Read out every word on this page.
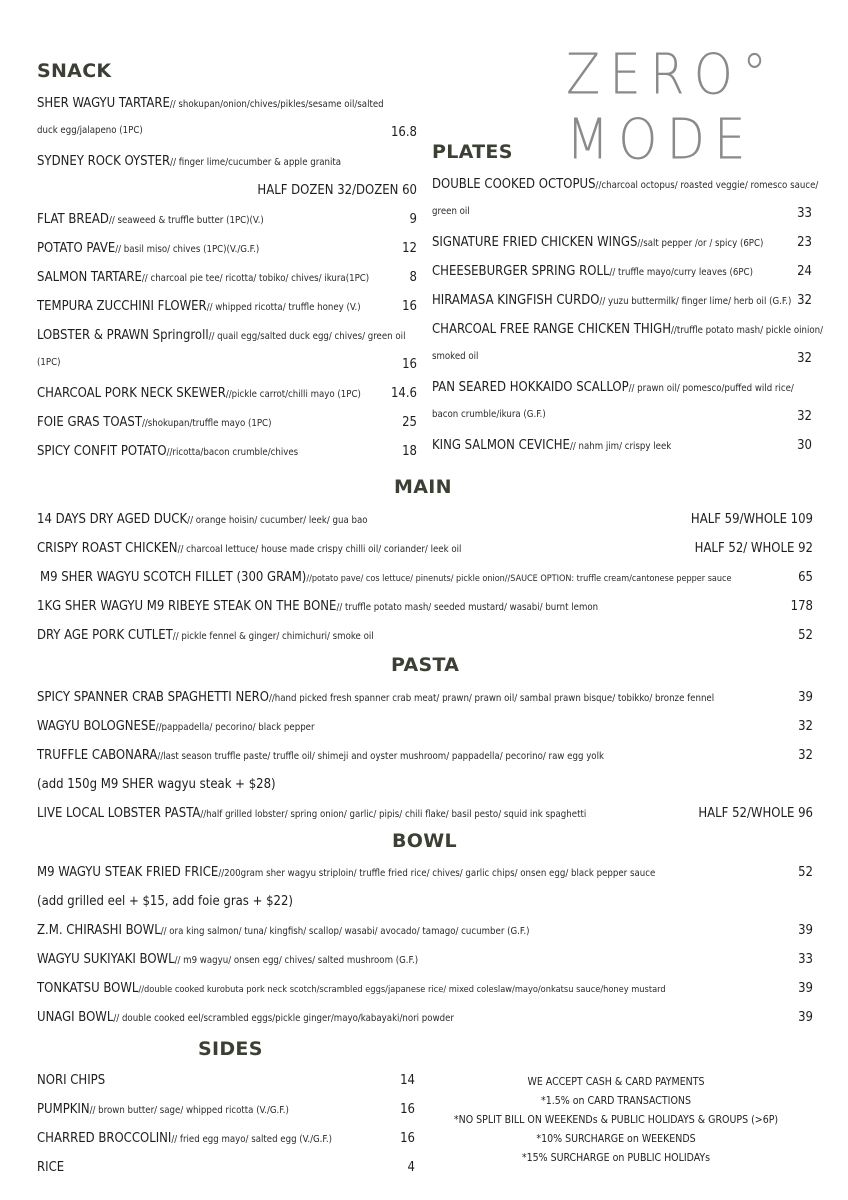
ZERO° MODE
SNACK
SHER WAGYU TARTARE // shokupan/onion/chives/pikles/sesame oil/salted
duck egg/jalapeno (1PC)	16.8
SYDNEY ROCK OYSTER // finger lime/cucumber & apple granita
HALF DOZEN 32/DOZEN 60
FLAT BREAD // seaweed & truffle butter (1PC)(V.)	9
POTATO PAVE // basil miso/ chives (1PC)(V./G.F.)	12
SALMON TARTARE // charcoal pie tee/ ricotta/ tobiko/ chives/ ikura(1PC)	8
TEMPURA ZUCCHINI FLOWER // whipped ricotta/ truffle honey (V.)	16
LOBSTER & PRAWN Springroll // quail egg/salted duck egg/ chives/ green oil
(1PC)	16
CHARCOAL PORK NECK SKEWER //pickle carrot/chilli mayo (1PC) 14.6
FOIE GRAS TOAST //shokupan/truffle mayo (1PC)	25
SPICY CONFIT POTATO //ricotta/bacon crumble/chives	18
PLATES
DOUBLE COOKED OCTOPUS //charcoal octopus/ roasted veggie/ romesco sauce/
green oil	33
SIGNATURE FRIED CHICKEN WINGS //salt pepper /or / spicy (6PC)	23
CHEESEBURGER SPRING ROLL // truffle mayo/curry leaves (6PC)	24
HIRAMASA KINGFISH CURDO // yuzu buttermilk/ finger lime/ herb oil (G.F.) 32
CHARCOAL FREE RANGE CHICKEN THIGH //truffle potato mash/ pickle oinion/
smoked oil	32
PAN SEARED HOKKAIDO SCALLOP // prawn oil/ pomesco/puffed wild rice/
bacon crumble/ikura (G.F.)	32
KING SALMON CEVICHE // nahm jim/ crispy leek	30
MAIN
14 DAYS DRY AGED DUCK // orange hoisin/ cucumber/ leek/ gua bao	HALF 59/WHOLE 109
CRISPY ROAST CHICKEN // charcoal lettuce/ house made crispy chilli oil/ coriander/ leek oil	HALF 52/ WHOLE 92
M9 SHER WAGYU SCOTCH FILLET (300 GRAM) //potato pave/ cos lettuce/ pinenuts/ pickle onion//SAUCE OPTION: truffle cream/cantonese pepper sauce	65
1KG SHER WAGYU M9 RIBEYE STEAK ON THE BONE // truffle potato mash/ seeded mustard/ wasabi/ burnt lemon	178
DRY AGE PORK CUTLET // pickle fennel & ginger/ chimichuri/ smoke oil	52
PASTA
SPICY SPANNER CRAB SPAGHETTI NERO //hand picked fresh spanner crab meat/ prawn/ prawn oil/ sambal prawn bisque/ tobikko/ bronze fennel	39
WAGYU BOLOGNESE //pappadella/ pecorino/ black pepper	32
TRUFFLE CABONARA //last season truffle paste/ truffle oil/ shimeji and oyster mushroom/ pappadella/ pecorino/ raw egg yolk	32
(add 150g M9 SHER wagyu steak + $28)
LIVE LOCAL LOBSTER PASTA //half grilled lobster/ spring onion/ garlic/ pipis/ chili flake/ basil pesto/ squid ink spaghetti	HALF 52/WHOLE 96
BOWL
M9 WAGYU STEAK FRIED FRICE //200gram sher wagyu striploin/ truffle fried rice/ chives/ garlic chips/ onsen egg/ black pepper sauce	52
(add grilled eel + $15, add foie gras + $22)
Z.M. CHIRASHI BOWL // ora king salmon/ tuna/ kingfish/ scallop/ wasabi/ avocado/ tamago/ cucumber (G.F.)	39
WAGYU SUKIYAKI BOWL // m9 wagyu/ onsen egg/ chives/ salted mushroom (G.F.)	33
TONKATSU BOWL //double cooked kurobuta pork neck scotch/scrambled eggs/japanese rice/ mixed coleslaw/mayo/onkatsu sauce/honey mustard	39
UNAGI BOWL // double cooked eel/scrambled eggs/pickle ginger/mayo/kabayaki/nori powder	39
SIDES
NORI CHIPS	14
PUMPKIN // brown butter/ sage/ whipped ricotta (V./G.F.)	16
CHARRED BROCCOLINI // fried egg mayo/ salted egg (V./G.F.)	16
RICE	4
WE ACCEPT CASH & CARD PAYMENTS
*1.5% on CARD TRANSACTIONS
*NO SPLIT BILL ON WEEKENDs & PUBLIC HOLIDAYS & GROUPS (>6P)
*10% SURCHARGE on WEEKENDS
*15% SURCHARGE on PUBLIC HOLIDAYs
